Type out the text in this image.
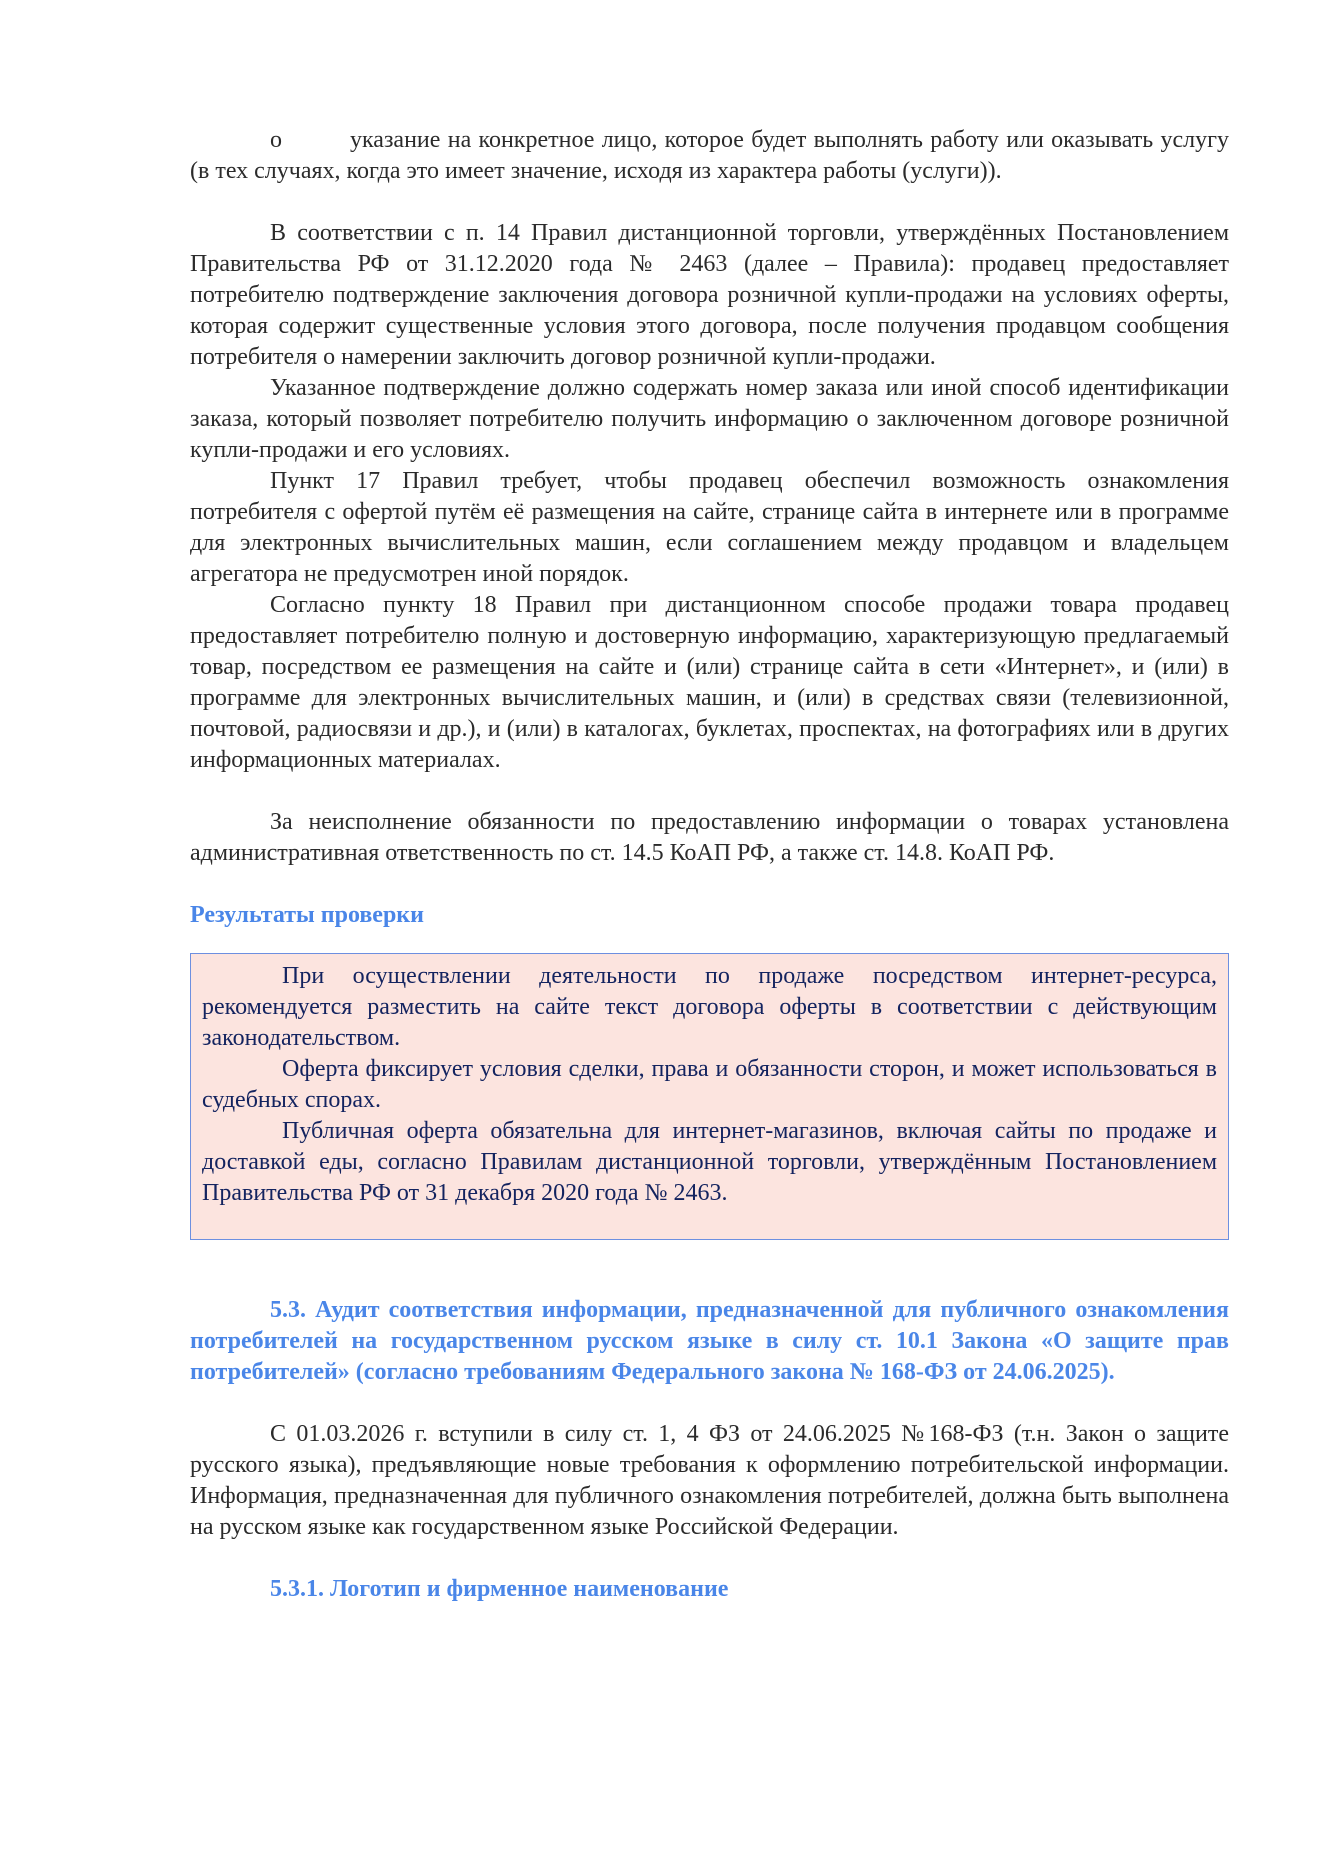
o	указание на конкретное лицо, которое будет выполнять работу или оказывать услугу (в тех случаях, когда это имеет значение, исходя из характера работы (услуги)).

В соответствии с п. 14 Правил дистанционной торговли, утверждённых Постановлением Правительства РФ от 31.12.2020 года № 2463 (далее – Правила): продавец предоставляет потребителю подтверждение заключения договора розничной купли-продажи на условиях оферты, которая содержит существенные условия этого договора, после получения продавцом сообщения потребителя о намерении заключить договор розничной купли-продажи.

Указанное подтверждение должно содержать номер заказа или иной способ идентификации заказа, который позволяет потребителю получить информацию о заключенном договоре розничной купли-продажи и его условиях.

Пункт 17 Правил требует, чтобы продавец обеспечил возможность ознакомления потребителя с офертой путём её размещения на сайте, странице сайта в интернете или в программе для электронных вычислительных машин, если соглашением между продавцом и владельцем агрегатора не предусмотрен иной порядок.

Согласно пункту 18 Правил при дистанционном способе продажи товара продавец предоставляет потребителю полную и достоверную информацию, характеризующую предлагаемый товар, посредством ее размещения на сайте и (или) странице сайта в сети «Интернет», и (или) в программе для электронных вычислительных машин, и (или) в средствах связи (телевизионной, почтовой, радиосвязи и др.), и (или) в каталогах, буклетах, проспектах, на фотографиях или в других информационных материалах.

За неисполнение обязанности по предоставлению информации о товарах установлена административная ответственность по ст. 14.5 КоАП РФ, а также ст. 14.8. КоАП РФ.

Результаты проверки

При осуществлении деятельности по продаже посредством интернет-ресурса, рекомендуется разместить на сайте текст договора оферты в соответствии с действующим законодательством.

Оферта фиксирует условия сделки, права и обязанности сторон, и может использоваться в судебных спорах.

Публичная оферта обязательна для интернет-магазинов, включая сайты по продаже и доставкой еды, согласно Правилам дистанционной торговли, утверждённым Постановлением Правительства РФ от 31 декабря 2020 года № 2463.

5.3. Аудит соответствия информации, предназначенной для публичного ознакомления потребителей на государственном русском языке в силу ст. 10.1 Закона «О защите прав потребителей» (согласно требованиям Федерального закона № 168-ФЗ от 24.06.2025).

С 01.03.2026 г. вступили в силу ст. 1, 4 ФЗ от 24.06.2025 №168-ФЗ (т.н. Закон о защите русского языка), предъявляющие новые требования к оформлению потребительской информации. Информация, предназначенная для публичного ознакомления потребителей, должна быть выполнена на русском языке как государственном языке Российской Федерации.

5.3.1. Логотип и фирменное наименование
